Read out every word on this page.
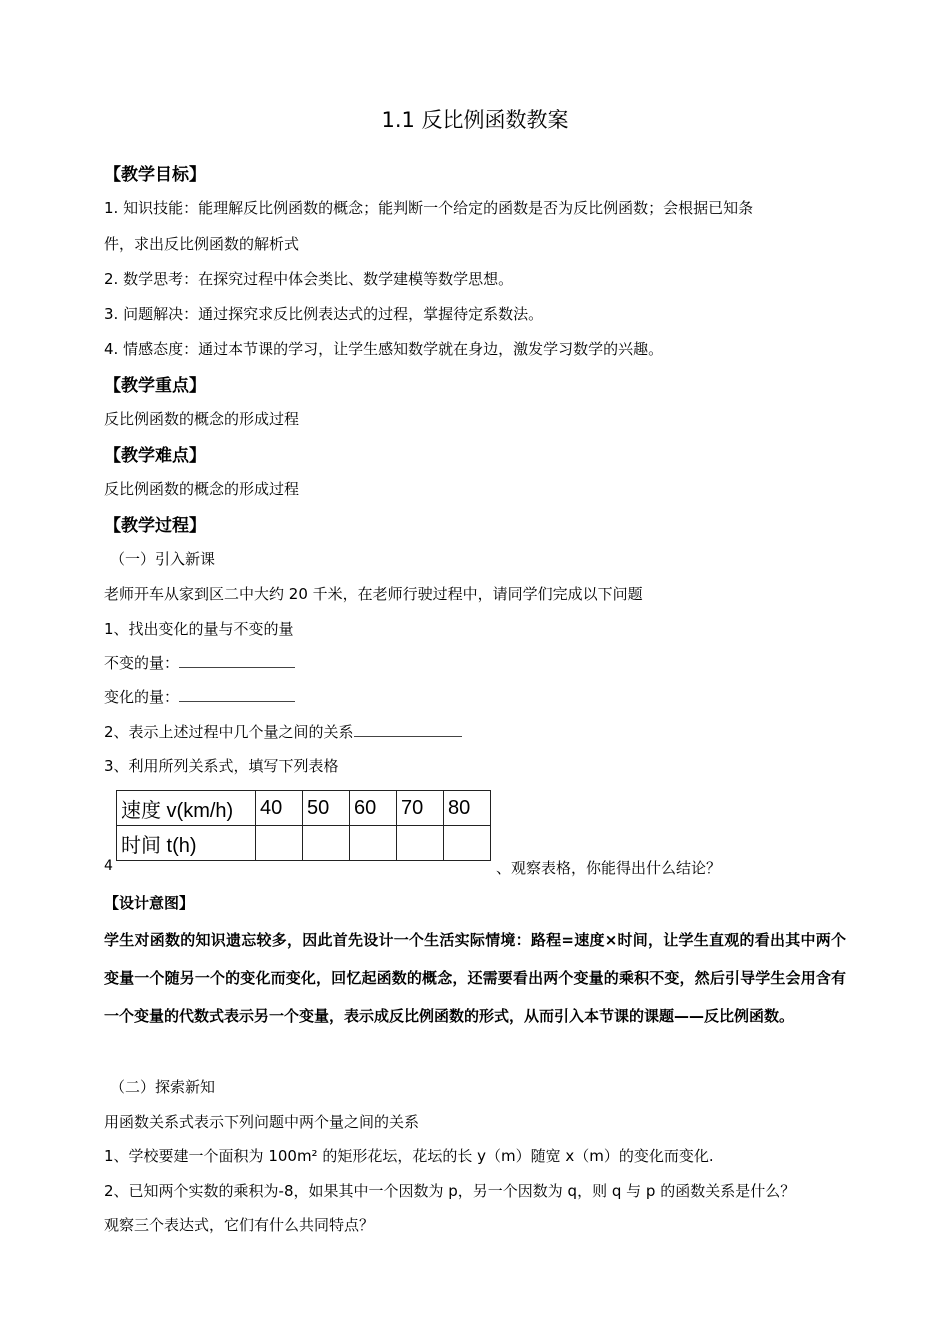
1.1 反比例函数教案
【教学目标】
1. 知识技能：能理解反比例函数的概念；能判断一个给定的函数是否为反比例函数；会根据已知条
件，求出反比例函数的解析式
2. 数学思考：在探究过程中体会类比、数学建模等数学思想。
3. 问题解决：通过探究求反比例表达式的过程，掌握待定系数法。
4. 情感态度：通过本节课的学习，让学生感知数学就在身边，激发学习数学的兴趣。
【教学重点】
反比例函数的概念的形成过程
【教学难点】
反比例函数的概念的形成过程
【教学过程】
（一）引入新课
老师开车从家到区二中大约 20 千米，在老师行驶过程中，请同学们完成以下问题
1、找出变化的量与不变的量
不变的量：
变化的量：
2、表示上述过程中几个量之间的关系
3、利用所列关系式，填写下列表格
速度 v(km/h)	40	50	60	70	80
时间 t(h)					
4	、观察表格，你能得出什么结论？
【设计意图】
学生对函数的知识遗忘较多，因此首先设计一个生活实际情境：路程=速度×时间，让学生直观的看出其中两个变量一个随另一个的变化而变化，回忆起函数的概念，还需要看出两个变量的乘积不变，然后引导学生会用含有一个变量的代数式表示另一个变量，表示成反比例函数的形式，从而引入本节课的课题——反比例函数。
（二）探索新知
用函数关系式表示下列问题中两个量之间的关系
1、学校要建一个面积为 100m² 的矩形花坛，花坛的长 y（m）随宽 x（m）的变化而变化.
2、已知两个实数的乘积为-8，如果其中一个因数为 p，另一个因数为 q，则 q 与 p 的函数关系是什么？
观察三个表达式，它们有什么共同特点？
